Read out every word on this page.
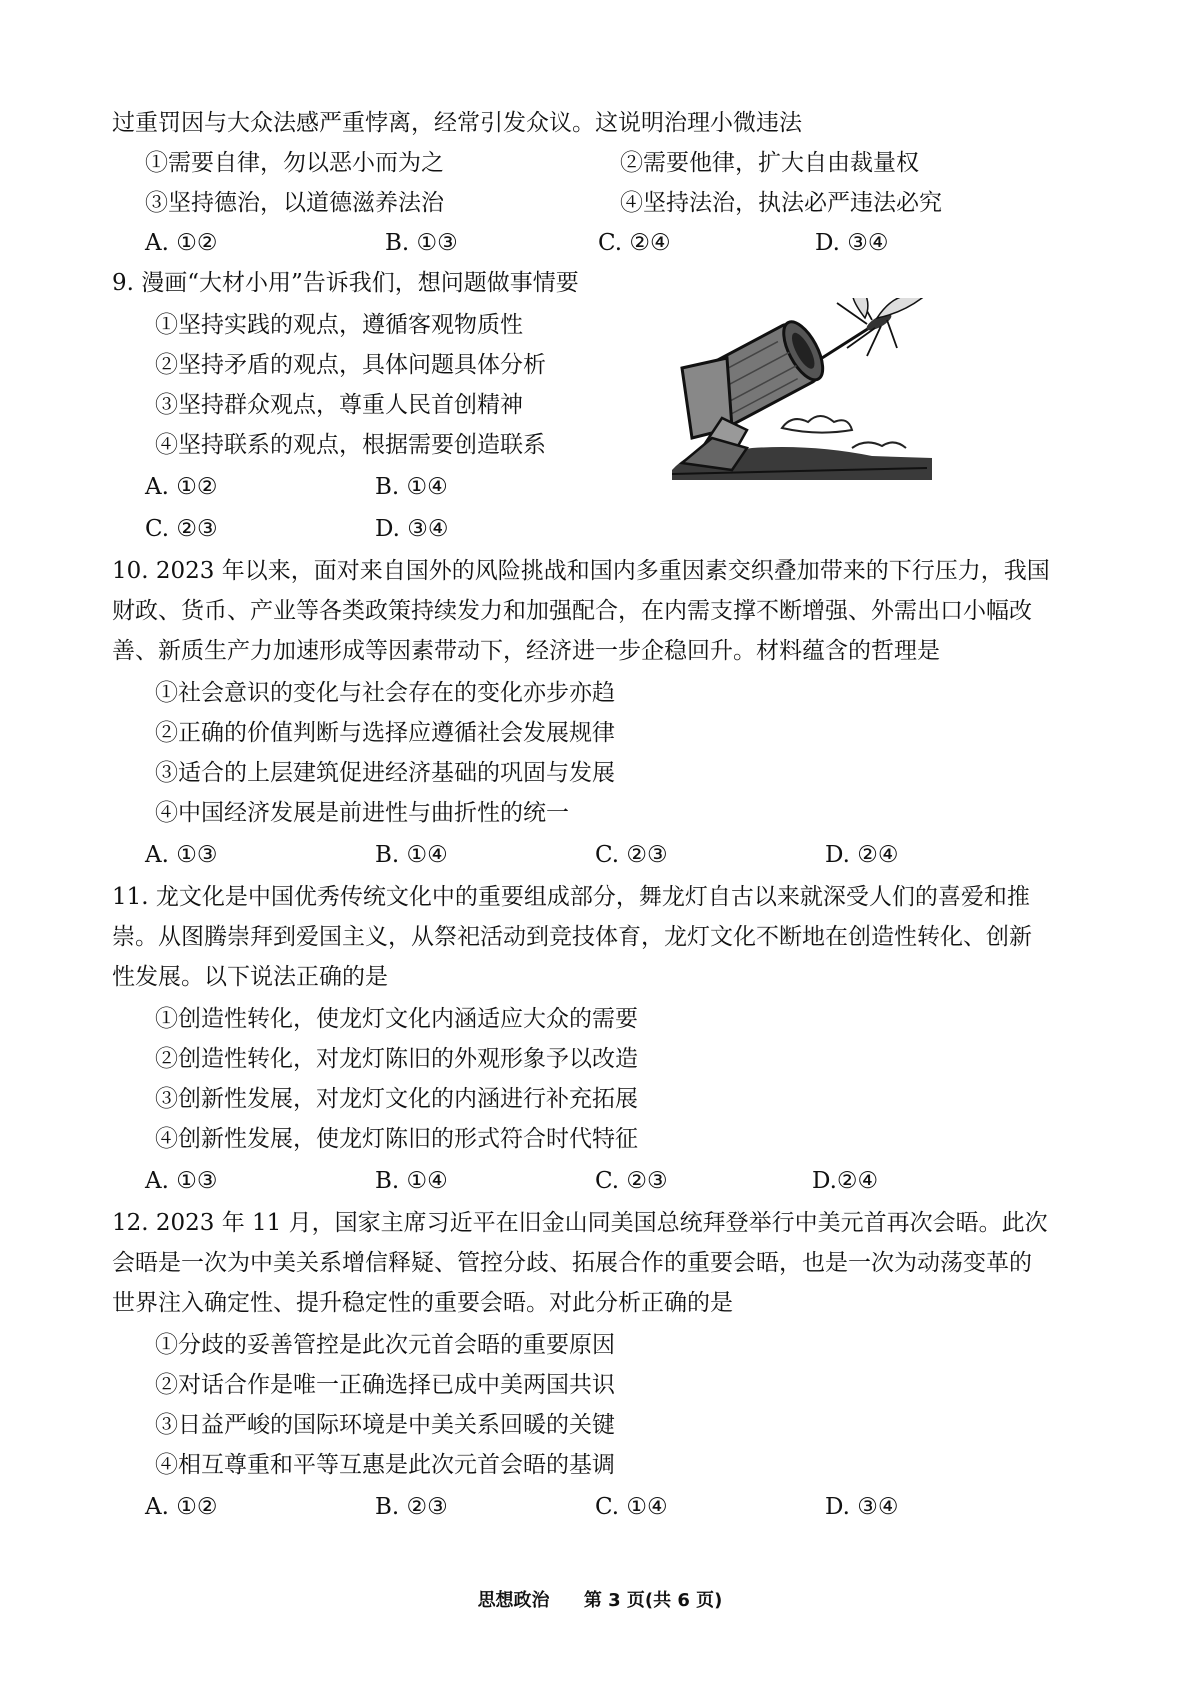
过重罚因与大众法感严重悖离，经常引发众议。这说明治理小微违法
①需要自律，勿以恶小而为之	②需要他律，扩大自由裁量权
③坚持德治，以道德滋养法治	④坚持法治，执法必严违法必究
A. ①②	B. ①③	C. ②④	D. ③④
9. 漫画“大材小用”告诉我们，想问题做事情要
①坚持实践的观点，遵循客观物质性
②坚持矛盾的观点，具体问题具体分析
③坚持群众观点，尊重人民首创精神
④坚持联系的观点，根据需要创造联系
A. ①②	B. ①④
C. ②③	D. ③④
10. 2023 年以来，面对来自国外的风险挑战和国内多重因素交织叠加带来的下行压力，我国
财政、货币、产业等各类政策持续发力和加强配合，在内需支撑不断增强、外需出口小幅改
善、新质生产力加速形成等因素带动下，经济进一步企稳回升。材料蕴含的哲理是
①社会意识的变化与社会存在的变化亦步亦趋
②正确的价值判断与选择应遵循社会发展规律
③适合的上层建筑促进经济基础的巩固与发展
④中国经济发展是前进性与曲折性的统一
A. ①③	B. ①④	C. ②③	D. ②④
11. 龙文化是中国优秀传统文化中的重要组成部分，舞龙灯自古以来就深受人们的喜爱和推
崇。从图腾崇拜到爱国主义，从祭祀活动到竞技体育，龙灯文化不断地在创造性转化、创新
性发展。以下说法正确的是
①创造性转化，使龙灯文化内涵适应大众的需要
②创造性转化，对龙灯陈旧的外观形象予以改造
③创新性发展，对龙灯文化的内涵进行补充拓展
④创新性发展，使龙灯陈旧的形式符合时代特征
A. ①③	B. ①④	C. ②③	D.②④
12. 2023 年 11 月，国家主席习近平在旧金山同美国总统拜登举行中美元首再次会晤。此次
会晤是一次为中美关系增信释疑、管控分歧、拓展合作的重要会晤，也是一次为动荡变革的
世界注入确定性、提升稳定性的重要会晤。对此分析正确的是
①分歧的妥善管控是此次元首会晤的重要原因
②对话合作是唯一正确选择已成中美两国共识
③日益严峻的国际环境是中美关系回暖的关键
④相互尊重和平等互惠是此次元首会晤的基调
A. ①②	B. ②③	C. ①④	D. ③④
思想政治 第 3 页(共 6 页)
